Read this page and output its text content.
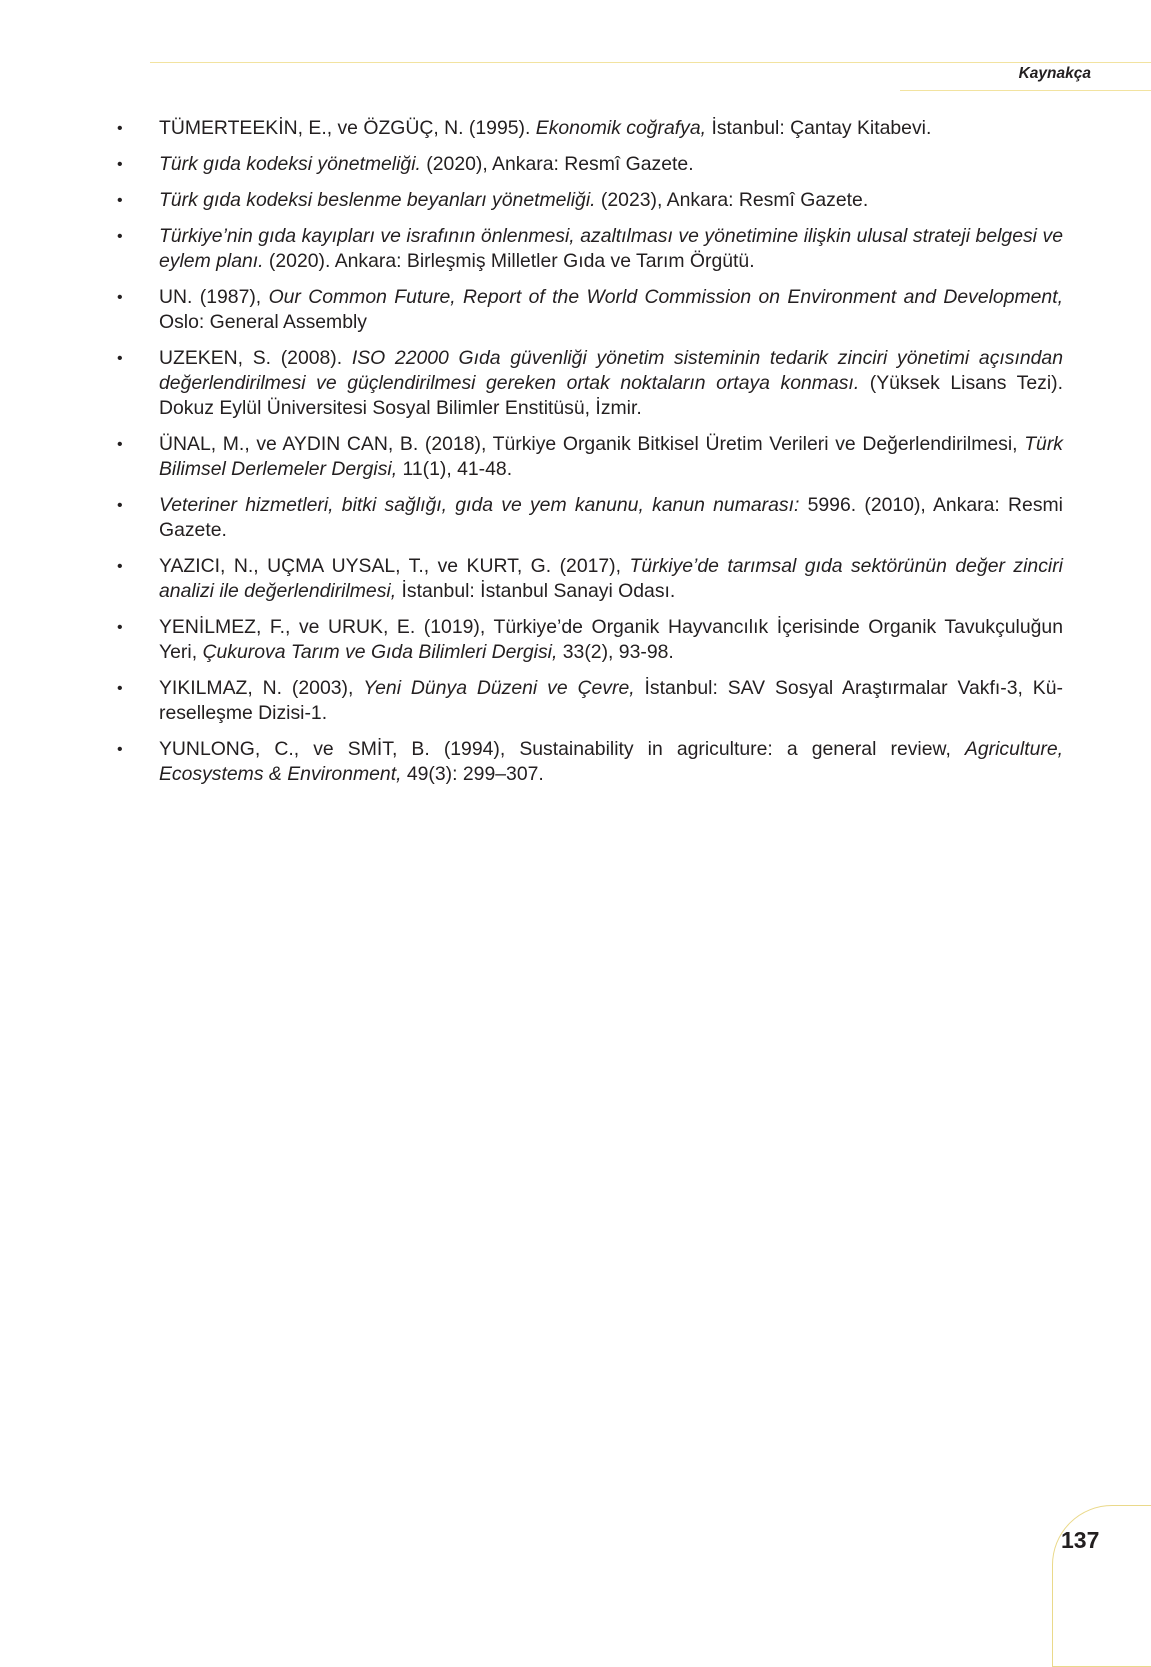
Kaynakça
• TÜMERTEEKİN, E., ve ÖZGÜÇ, N. (1995). Ekonomik coğrafya, İstanbul: Çantay Kitabevi.
• Türk gıda kodeksi yönetmeliği. (2020), Ankara: Resmî Gazete.
• Türk gıda kodeksi beslenme beyanları yönetmeliği. (2023), Ankara: Resmî Gazete.
• Türkiye’nin gıda kayıpları ve israfının önlenmesi, azaltılması ve yönetimine ilişkin ulusal strateji belgesi ve eylem planı. (2020). Ankara: Birleşmiş Milletler Gıda ve Tarım Örgütü.
• UN. (1987), Our Common Future, Report of the World Commission on Environment and Development, Oslo: General Assembly
• UZEKEN, S. (2008). ISO 22000 Gıda güvenliği yönetim sisteminin tedarik zinciri yönetimi açısından değerlendirilmesi ve güçlendirilmesi gereken ortak noktaların ortaya konması. (Yüksek Lisans Tezi). Dokuz Eylül Üniversitesi Sosyal Bilimler Enstitüsü, İzmir.
• ÜNAL, M., ve AYDIN CAN, B. (2018), Türkiye Organik Bitkisel Üretim Verileri ve Değerlendirilmesi, Türk Bilimsel Derlemeler Dergisi, 11(1), 41-48.
• Veteriner hizmetleri, bitki sağlığı, gıda ve yem kanunu, kanun numarası: 5996. (2010), Ankara: Resmi Gazete.
• YAZICI, N., UÇMA UYSAL, T., ve KURT, G. (2017), Türkiye’de tarımsal gıda sektörünün değer zinciri analizi ile değerlendirilmesi, İstanbul: İstanbul Sanayi Odası.
• YENİLMEZ, F., ve URUK, E. (1019), Türkiye’de Organik Hayvancılık İçerisinde Organik Tavukçuluğun Yeri, Çukurova Tarım ve Gıda Bilimleri Dergisi, 33(2), 93-98.
• YIKILMAZ, N. (2003), Yeni Dünya Düzeni ve Çevre, İstanbul: SAV Sosyal Araştırmalar Vakfı-3, Küreselleşme Dizisi-1.
• YUNLONG, C., ve SMİT, B. (1994), Sustainability in agriculture: a general review, Agriculture, Ecosystems & Environment, 49(3): 299–307.
137
